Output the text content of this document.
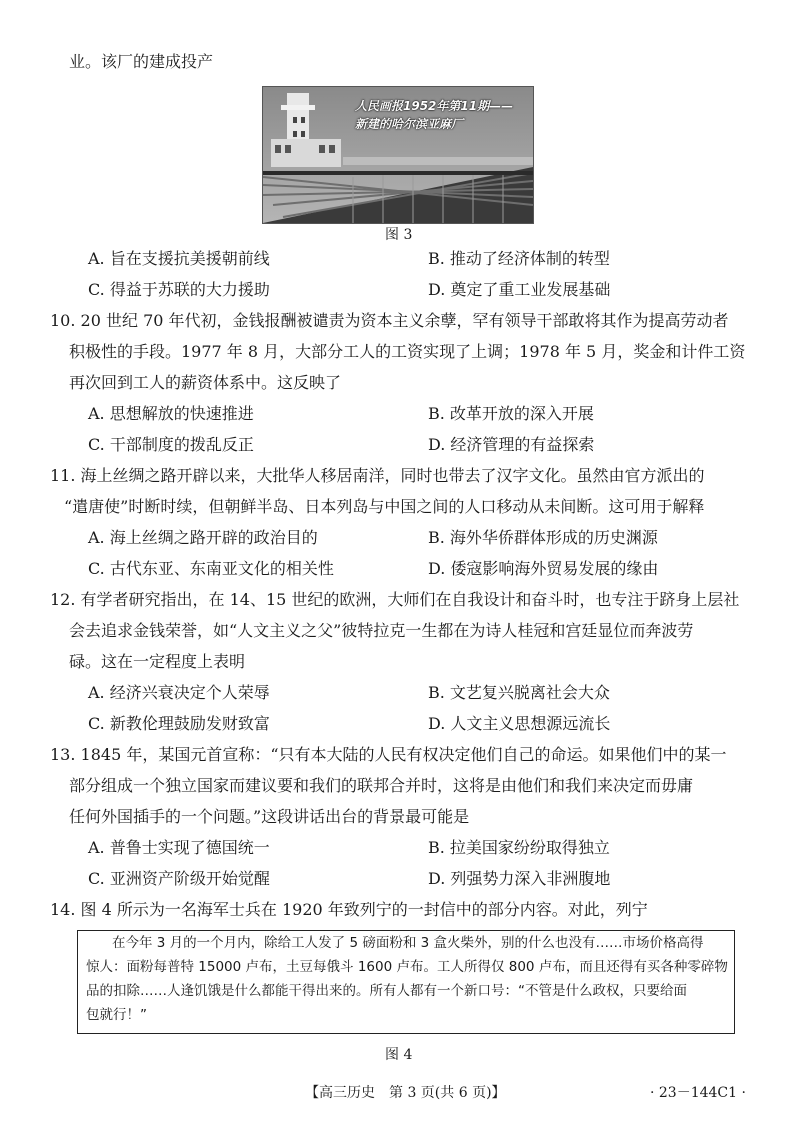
业。该厂的建成投产
人民画报1952年第11期——
新建的哈尔滨亚麻厂
图 3
A. 旨在支援抗美援朝前线	B. 推动了经济体制的转型
C. 得益于苏联的大力援助	D. 奠定了重工业发展基础
10. 20 世纪 70 年代初，金钱报酬被谴责为资本主义余孽，罕有领导干部敢将其作为提高劳动者
积极性的手段。1977 年 8 月，大部分工人的工资实现了上调；1978 年 5 月，奖金和计件工资
再次回到工人的薪资体系中。这反映了
A. 思想解放的快速推进	B. 改革开放的深入开展
C. 干部制度的拨乱反正	D. 经济管理的有益探索
11. 海上丝绸之路开辟以来，大批华人移居南洋，同时也带去了汉字文化。虽然由官方派出的
“遣唐使”时断时续，但朝鲜半岛、日本列岛与中国之间的人口移动从未间断。这可用于解释
A. 海上丝绸之路开辟的政治目的	B. 海外华侨群体形成的历史渊源
C. 古代东亚、东南亚文化的相关性	D. 倭寇影响海外贸易发展的缘由
12. 有学者研究指出，在 14、15 世纪的欧洲，大师们在自我设计和奋斗时，也专注于跻身上层社
会去追求金钱荣誉，如“人文主义之父”彼特拉克一生都在为诗人桂冠和宫廷显位而奔波劳
碌。这在一定程度上表明
A. 经济兴衰决定个人荣辱	B. 文艺复兴脱离社会大众
C. 新教伦理鼓励发财致富	D. 人文主义思想源远流长
13. 1845 年，某国元首宣称：“只有本大陆的人民有权决定他们自己的命运。如果他们中的某一
部分组成一个独立国家而建议要和我们的联邦合并时，这将是由他们和我们来决定而毋庸
任何外国插手的一个问题。”这段讲话出台的背景最可能是
A. 普鲁士实现了德国统一	B. 拉美国家纷纷取得独立
C. 亚洲资产阶级开始觉醒	D. 列强势力深入非洲腹地
14. 图 4 所示为一名海军士兵在 1920 年致列宁的一封信中的部分内容。对此，列宁
在今年 3 月的一个月内，除给工人发了 5 磅面粉和 3 盒火柴外，别的什么也没有……市场价格高得
惊人：面粉每普特 15000 卢布，土豆每俄斗 1600 卢布。工人所得仅 800 卢布，而且还得有买各种零碎物
品的扣除……人逢饥饿是什么都能干得出来的。所有人都有一个新口号：“不管是什么政权，只要给面
包就行！”
图 4
【高三历史　第 3 页(共 6 页)】	· 23－144C1 ·
